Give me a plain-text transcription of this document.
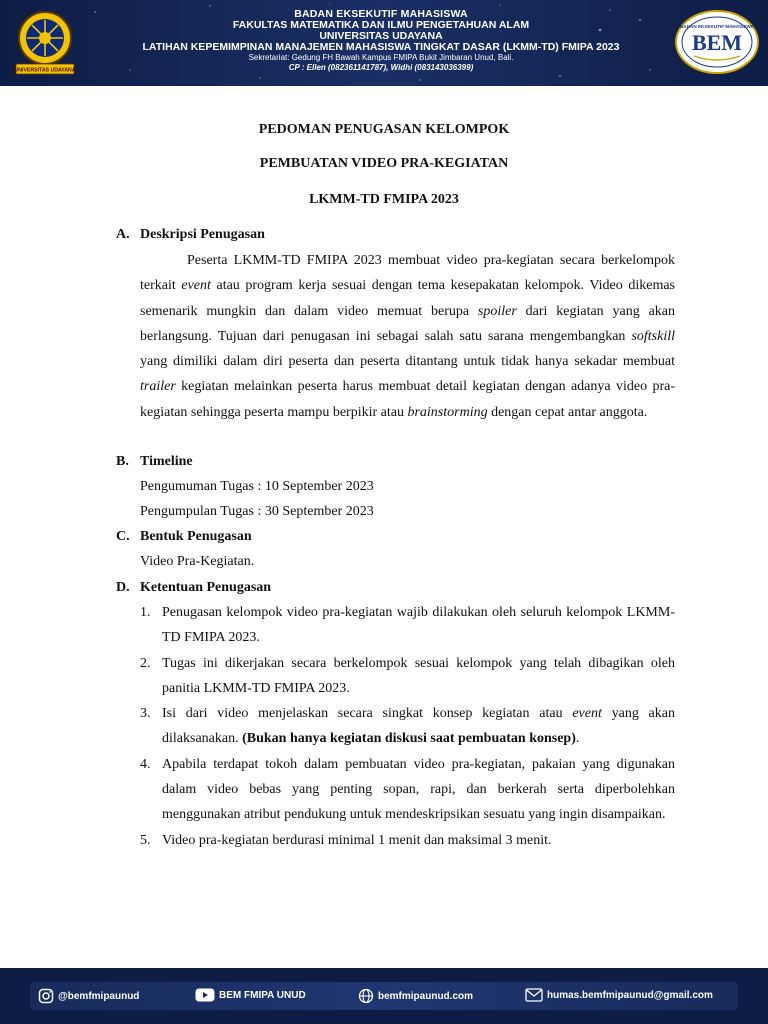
UNIVERSITAS UDAYANA
BADAN EKSEKUTIF MAHASISWA
FAKULTAS MATEMATIKA DAN ILMU PENGETAHUAN ALAM
UNIVERSITAS UDAYANA
LATIHAN KEPEMIMPINAN MANAJEMEN MAHASISWA TINGKAT DASAR (LKMM-TD) FMIPA 2023
Sekretariat: Gedung FH Bawah Kampus FMIPA Bukit Jimbaran Unud, Bali.
CP : Ellen (082361141787), Widhi (083143036399)
BADAN EKSEKUTIF MAHASISWA
BEM
PEDOMAN PENUGASAN KELOMPOK
PEMBUATAN VIDEO PRA-KEGIATAN
LKMM-TD FMIPA 2023
A. Deskripsi Penugasan
Peserta LKMM-TD FMIPA 2023 membuat video pra-kegiatan secara berkelompok terkait event atau program kerja sesuai dengan tema kesepakatan kelompok. Video dikemas semenarik mungkin dan dalam video memuat berupa spoiler dari kegiatan yang akan berlangsung. Tujuan dari penugasan ini sebagai salah satu sarana mengembangkan softskill yang dimiliki dalam diri peserta dan peserta ditantang untuk tidak hanya sekadar membuat trailer kegiatan melainkan peserta harus membuat detail kegiatan dengan adanya video pra-kegiatan sehingga peserta mampu berpikir atau brainstorming dengan cepat antar anggota.
B. Timeline
Pengumuman Tugas : 10 September 2023
Pengumpulan Tugas : 30 September 2023
C. Bentuk Penugasan
Video Pra-Kegiatan.
D. Ketentuan Penugasan
1. Penugasan kelompok video pra-kegiatan wajib dilakukan oleh seluruh kelompok LKMM-TD FMIPA 2023.
2. Tugas ini dikerjakan secara berkelompok sesuai kelompok yang telah dibagikan oleh panitia LKMM-TD FMIPA 2023.
3. Isi dari video menjelaskan secara singkat konsep kegiatan atau event yang akan dilaksanakan. (Bukan hanya kegiatan diskusi saat pembuatan konsep).
4. Apabila terdapat tokoh dalam pembuatan video pra-kegiatan, pakaian yang digunakan dalam video bebas yang penting sopan, rapi, dan berkerah serta diperbolehkan menggunakan atribut pendukung untuk mendeskripsikan sesuatu yang ingin disampaikan.
5. Video pra-kegiatan berdurasi minimal 1 menit dan maksimal 3 menit.
@bemfmipaunud	BEM FMIPA UNUD	bemfmipaunud.com	humas.bemfmipaunud@gmail.com
